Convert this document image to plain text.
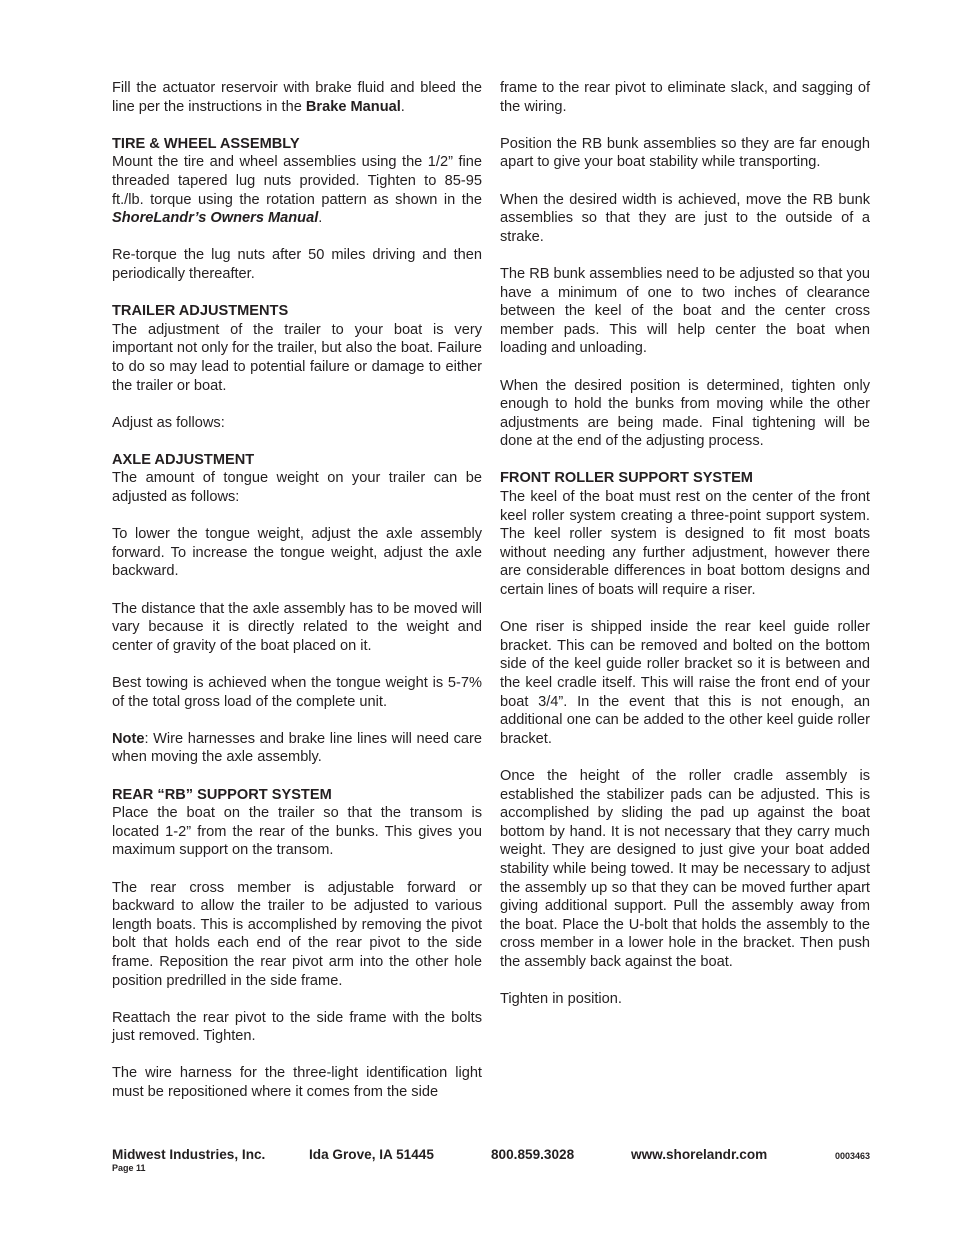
Fill the actuator reservoir with brake fluid and bleed the line per the instructions in the Brake Manual.

TIRE & WHEEL ASSEMBLY

Mount the tire and wheel assemblies using the 1/2” fine threaded tapered lug nuts provided. Tighten to 85-95 ft./lb. torque using the rotation pattern as shown in the ShoreLandr’s Owners Manual.

Re-torque the lug nuts after 50 miles driving and then periodically thereafter.

TRAILER ADJUSTMENTS

The adjustment of the trailer to your boat is very important not only for the trailer, but also the boat. Failure to do so may lead to potential failure or damage to either the trailer or boat.

Adjust as follows:

AXLE ADJUSTMENT

The amount of tongue weight on your trailer can be adjusted as follows:

To lower the tongue weight, adjust the axle assembly forward. To increase the tongue weight, adjust the axle backward.

The distance that the axle assembly has to be moved will vary because it is directly related to the weight and center of gravity of the boat placed on it.

Best towing is achieved when the tongue weight is 5-7% of the total gross load of the complete unit.

Note: Wire harnesses and brake line lines will need care when moving the axle assembly.

REAR “RB” SUPPORT SYSTEM

Place the boat on the trailer so that the transom is located 1-2” from the rear of the bunks. This gives you maximum support on the transom.

The rear cross member is adjustable forward or backward to allow the trailer to be adjusted to various length boats. This is accomplished by removing the pivot bolt that holds each end of the rear pivot to the side frame. Reposition the rear pivot arm into the other hole position predrilled in the side frame.

Reattach the rear pivot to the side frame with the bolts just removed. Tighten.

The wire harness for the three-light identification light must be repositioned where it comes from the side

frame to the rear pivot to eliminate slack, and sagging of the wiring.

Position the RB bunk assemblies so they are far enough apart to give your boat stability while transporting.

When the desired width is achieved, move the RB bunk assemblies so that they are just to the outside of a strake.

The RB bunk assemblies need to be adjusted so that you have a minimum of one to two inches of clearance between the keel of the boat and the center cross member pads. This will help center the boat when loading and unloading.

When the desired position is determined, tighten only enough to hold the bunks from moving while the other adjustments are being made. Final tightening will be done at the end of the adjusting process.

FRONT ROLLER SUPPORT SYSTEM

The keel of the boat must rest on the center of the front keel roller system creating a three-point support system. The keel roller system is designed to fit most boats without needing any further adjustment, however there are considerable differences in boat bottom designs and certain lines of boats will require a riser.

One riser is shipped inside the rear keel guide roller bracket. This can be removed and bolted on the bottom side of the keel guide roller bracket so it is between and the keel cradle itself. This will raise the front end of your boat 3/4”. In the event that this is not enough, an additional one can be added to the other keel guide roller bracket.

Once the height of the roller cradle assembly is established the stabilizer pads can be adjusted. This is accomplished by sliding the pad up against the boat bottom by hand. It is not necessary that they carry much weight. They are designed to just give your boat added stability while being towed. It may be necessary to adjust the assembly up so that they can be moved further apart giving additional support. Pull the assembly away from the boat. Place the U-bolt that holds the assembly to the cross member in a lower hole in the bracket. Then push the assembly back against the boat.

Tighten in position.

Midwest Industries, Inc.	Ida Grove, IA 51445	800.859.3028	www.shorelandr.com	0003463
Page 11
